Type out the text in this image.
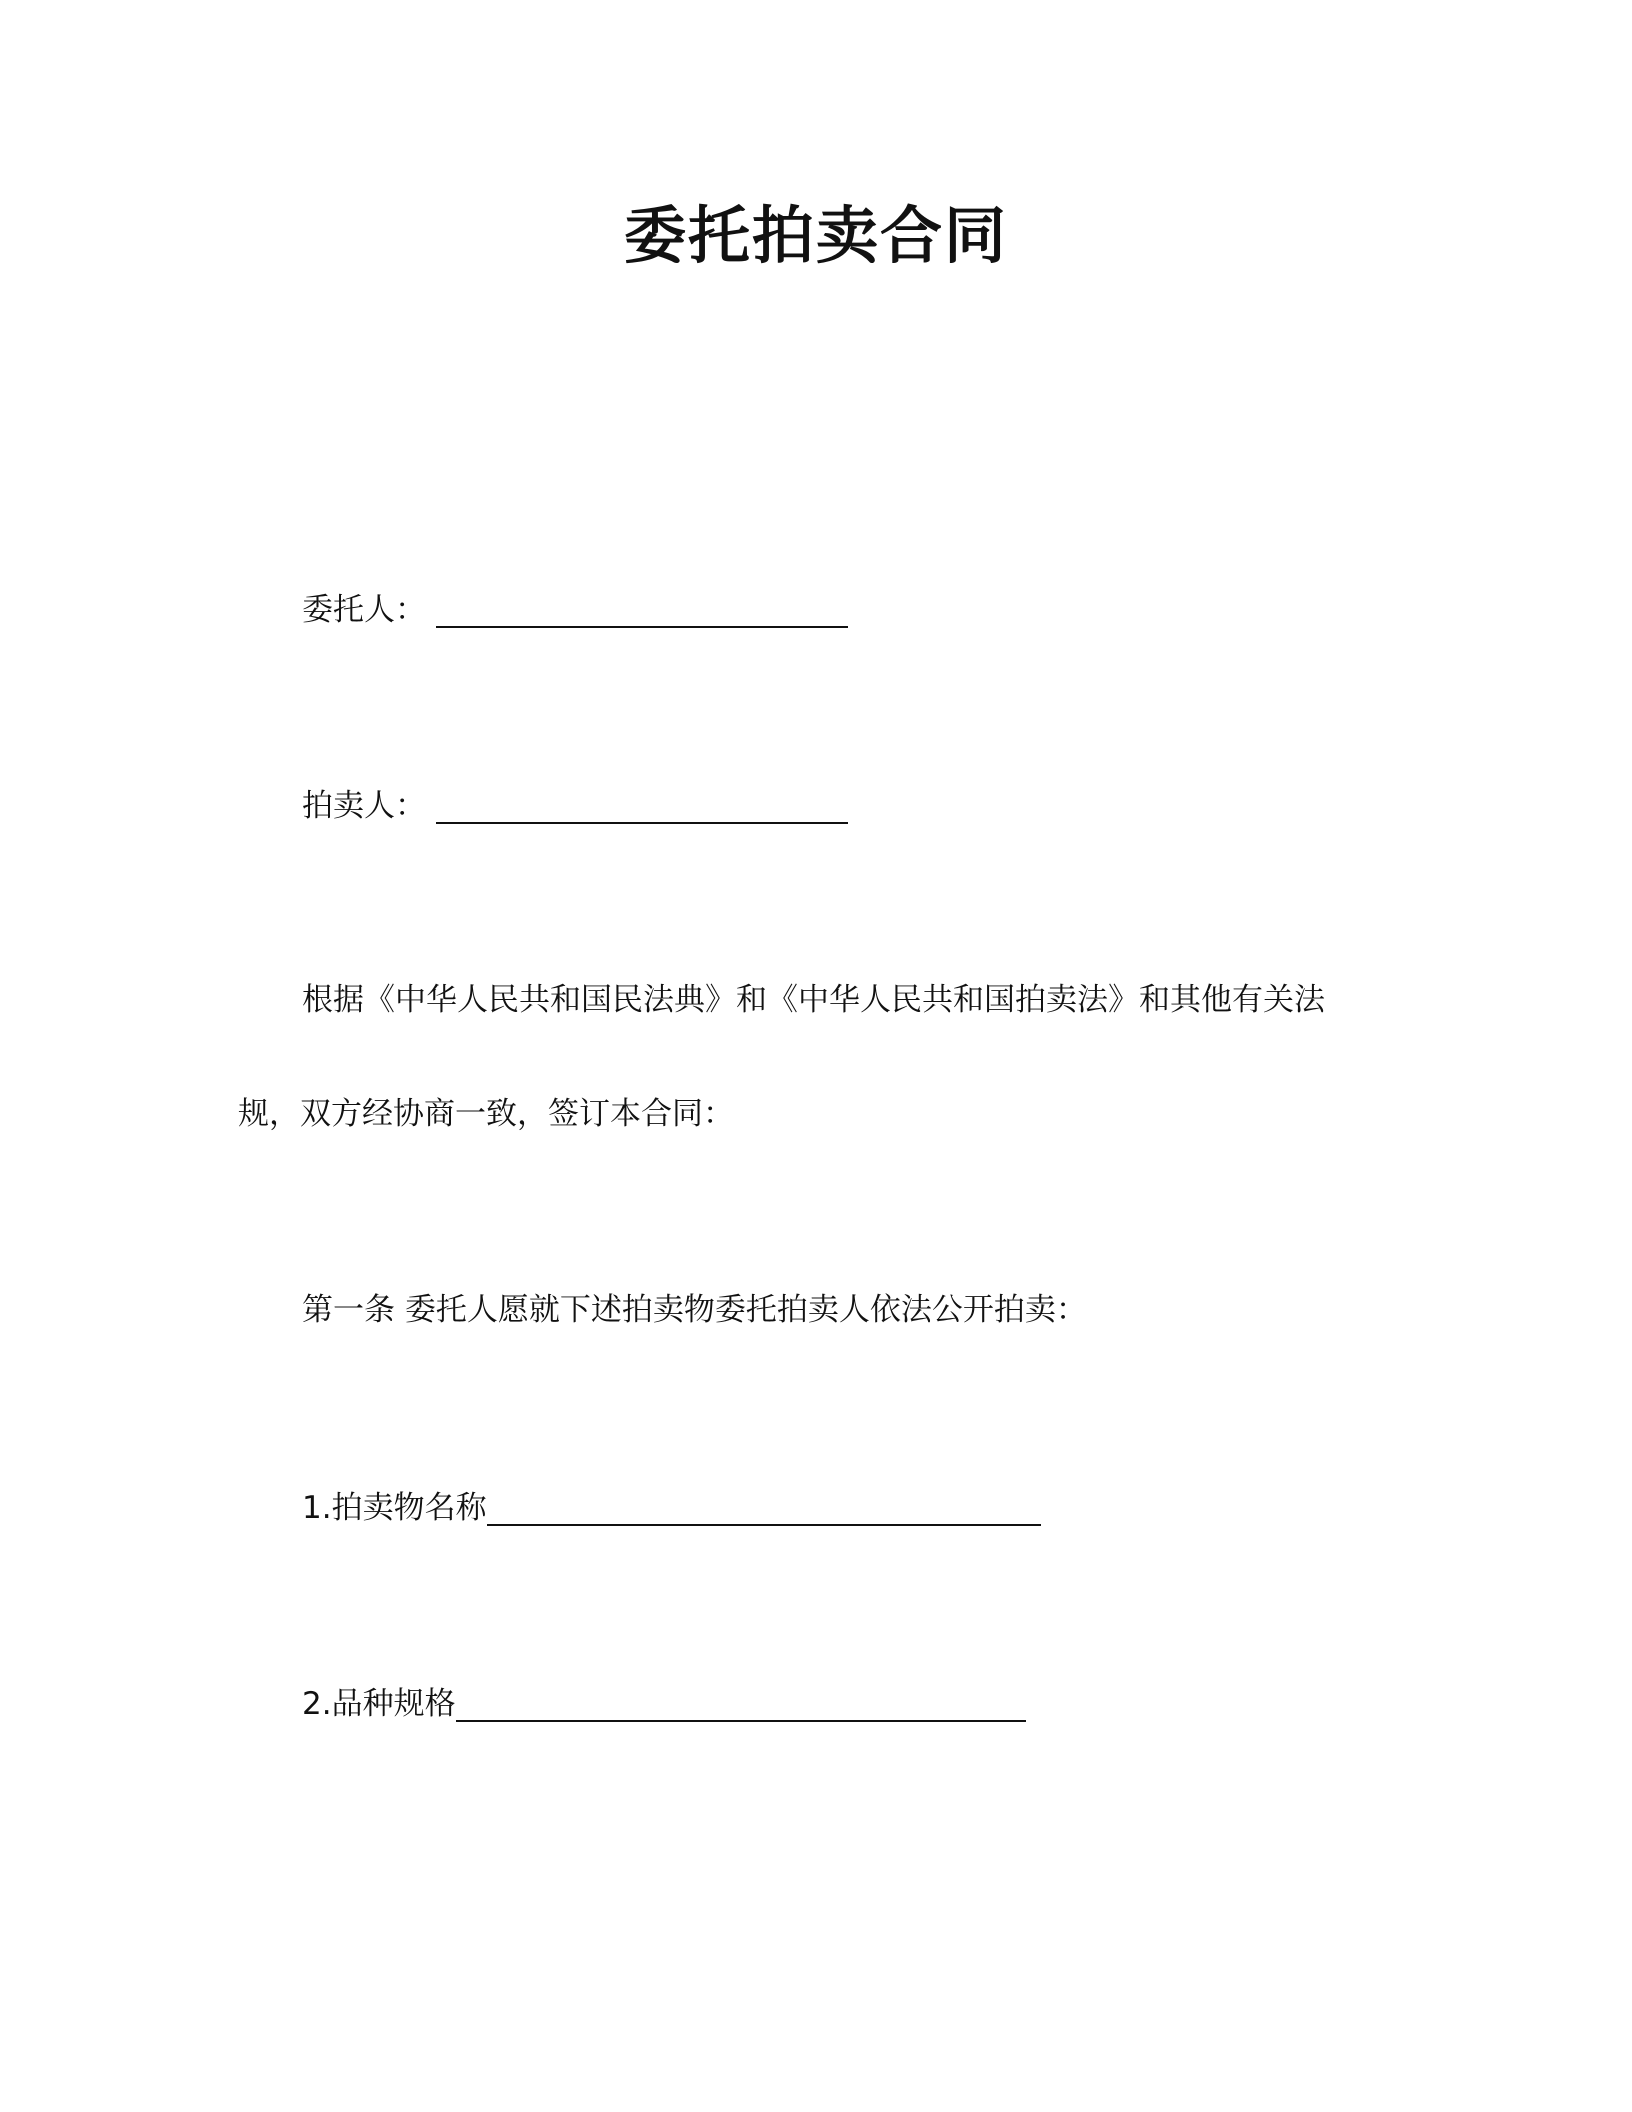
委托拍卖合同
委托人：
拍卖人：
根据《中华人民共和国民法典》和《中华人民共和国拍卖法》和其他有关法
规，双方经协商一致，签订本合同：
第一条 委托人愿就下述拍卖物委托拍卖人依法公开拍卖：
1.拍卖物名称
2.品种规格
